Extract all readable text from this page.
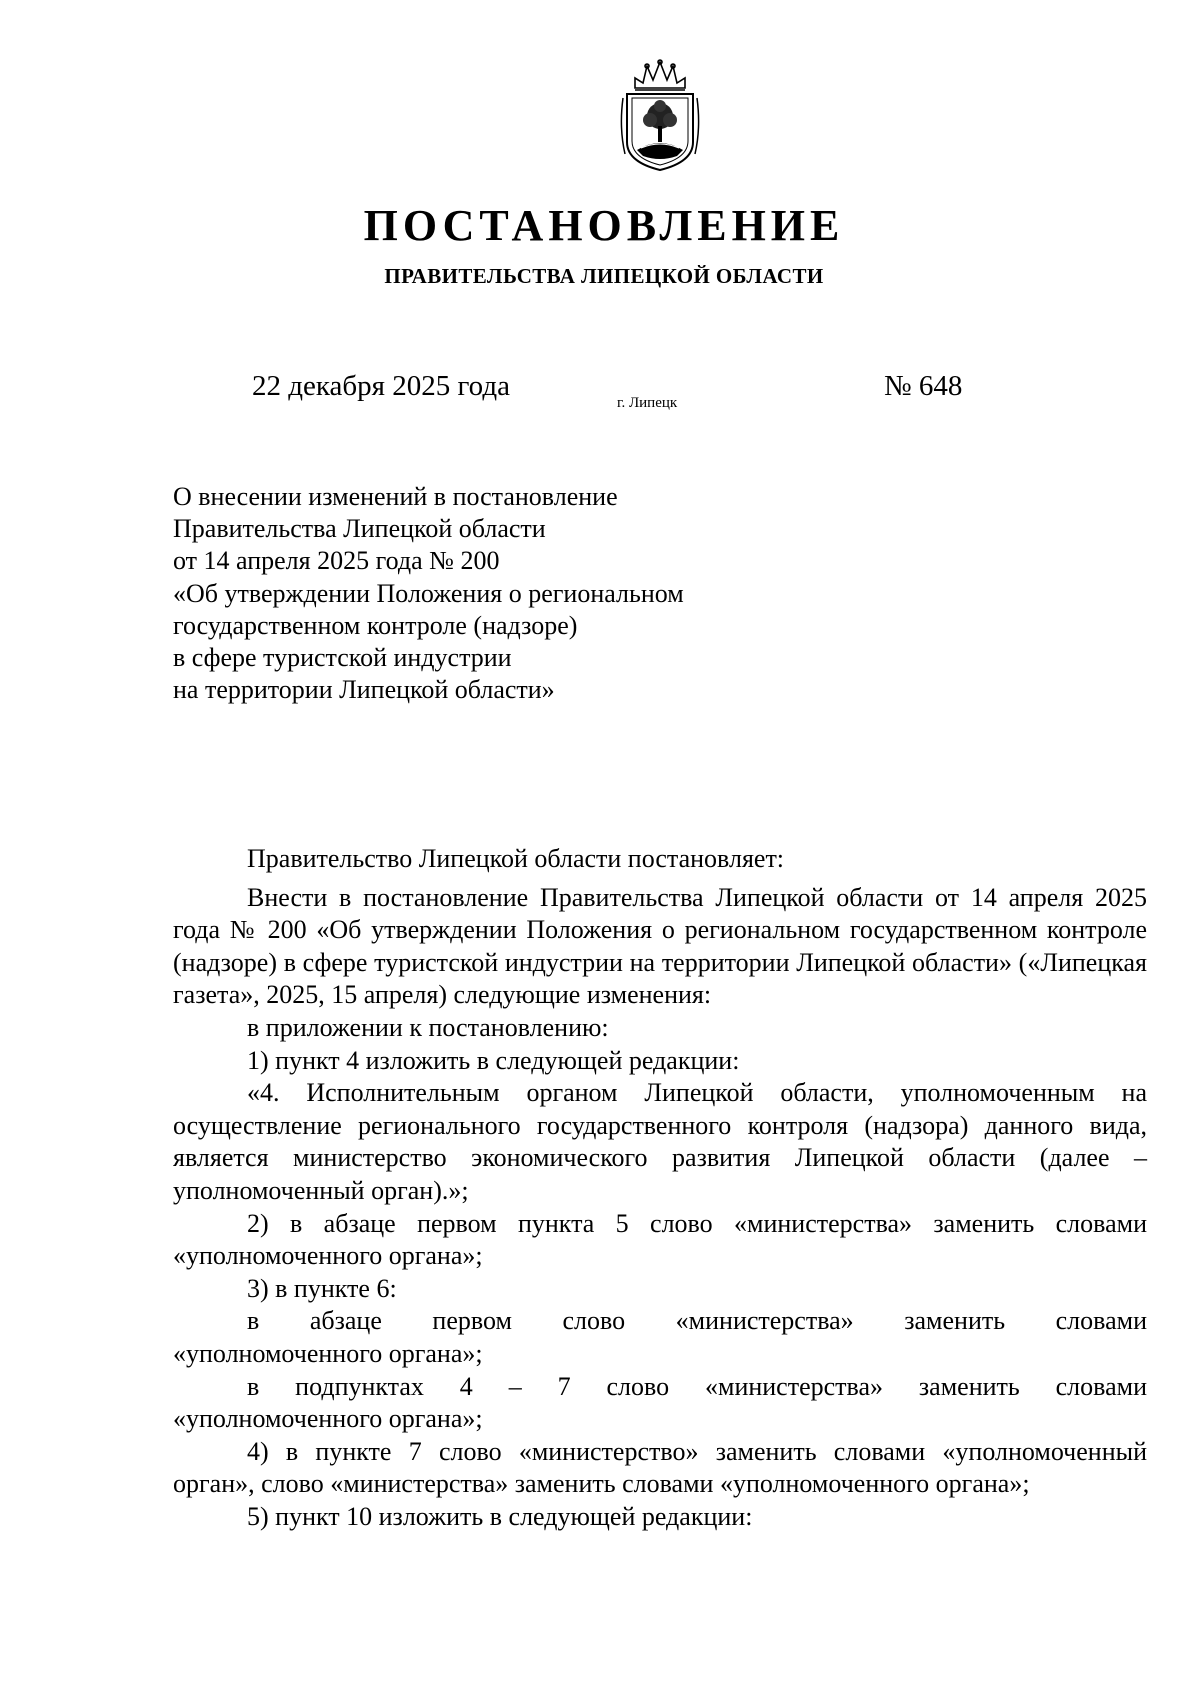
ПОСТАНОВЛЕНИЕ
ПРАВИТЕЛЬСТВА ЛИПЕЦКОЙ ОБЛАСТИ
22 декабря 2025 года
г. Липецк
№ 648
О внесении изменений в постановление
Правительства Липецкой области
от 14 апреля 2025 года № 200
«Об утверждении Положения о региональном
государственном контроле (надзоре)
в сфере туристской индустрии
на территории Липецкой области»

Правительство Липецкой области постановляет:

Внести в постановление Правительства Липецкой области от 14 апреля 2025 года № 200 «Об утверждении Положения о региональном государственном контроле (надзоре) в сфере туристской индустрии на территории Липецкой области» («Липецкая газета», 2025, 15 апреля) следующие изменения:

в приложении к постановлению:

1) пункт 4 изложить в следующей редакции:

«4. Исполнительным органом Липецкой области, уполномоченным на осуществление регионального государственного контроля (надзора) данного вида, является министерство экономического развития Липецкой области (далее – уполномоченный орган).»;

2) в абзаце первом пункта 5 слово «министерства» заменить словами «уполномоченного органа»;

3) в пункте 6:

в абзаце первом слово «министерства» заменить словами
«уполномоченного органа»;
в подпунктах 4 – 7 слово «министерства» заменить словами
«уполномоченного органа»;

4) в пункте 7 слово «министерство» заменить словами «уполномоченный орган», слово «министерства» заменить словами «уполномоченного органа»;

5) пункт 10 изложить в следующей редакции:
